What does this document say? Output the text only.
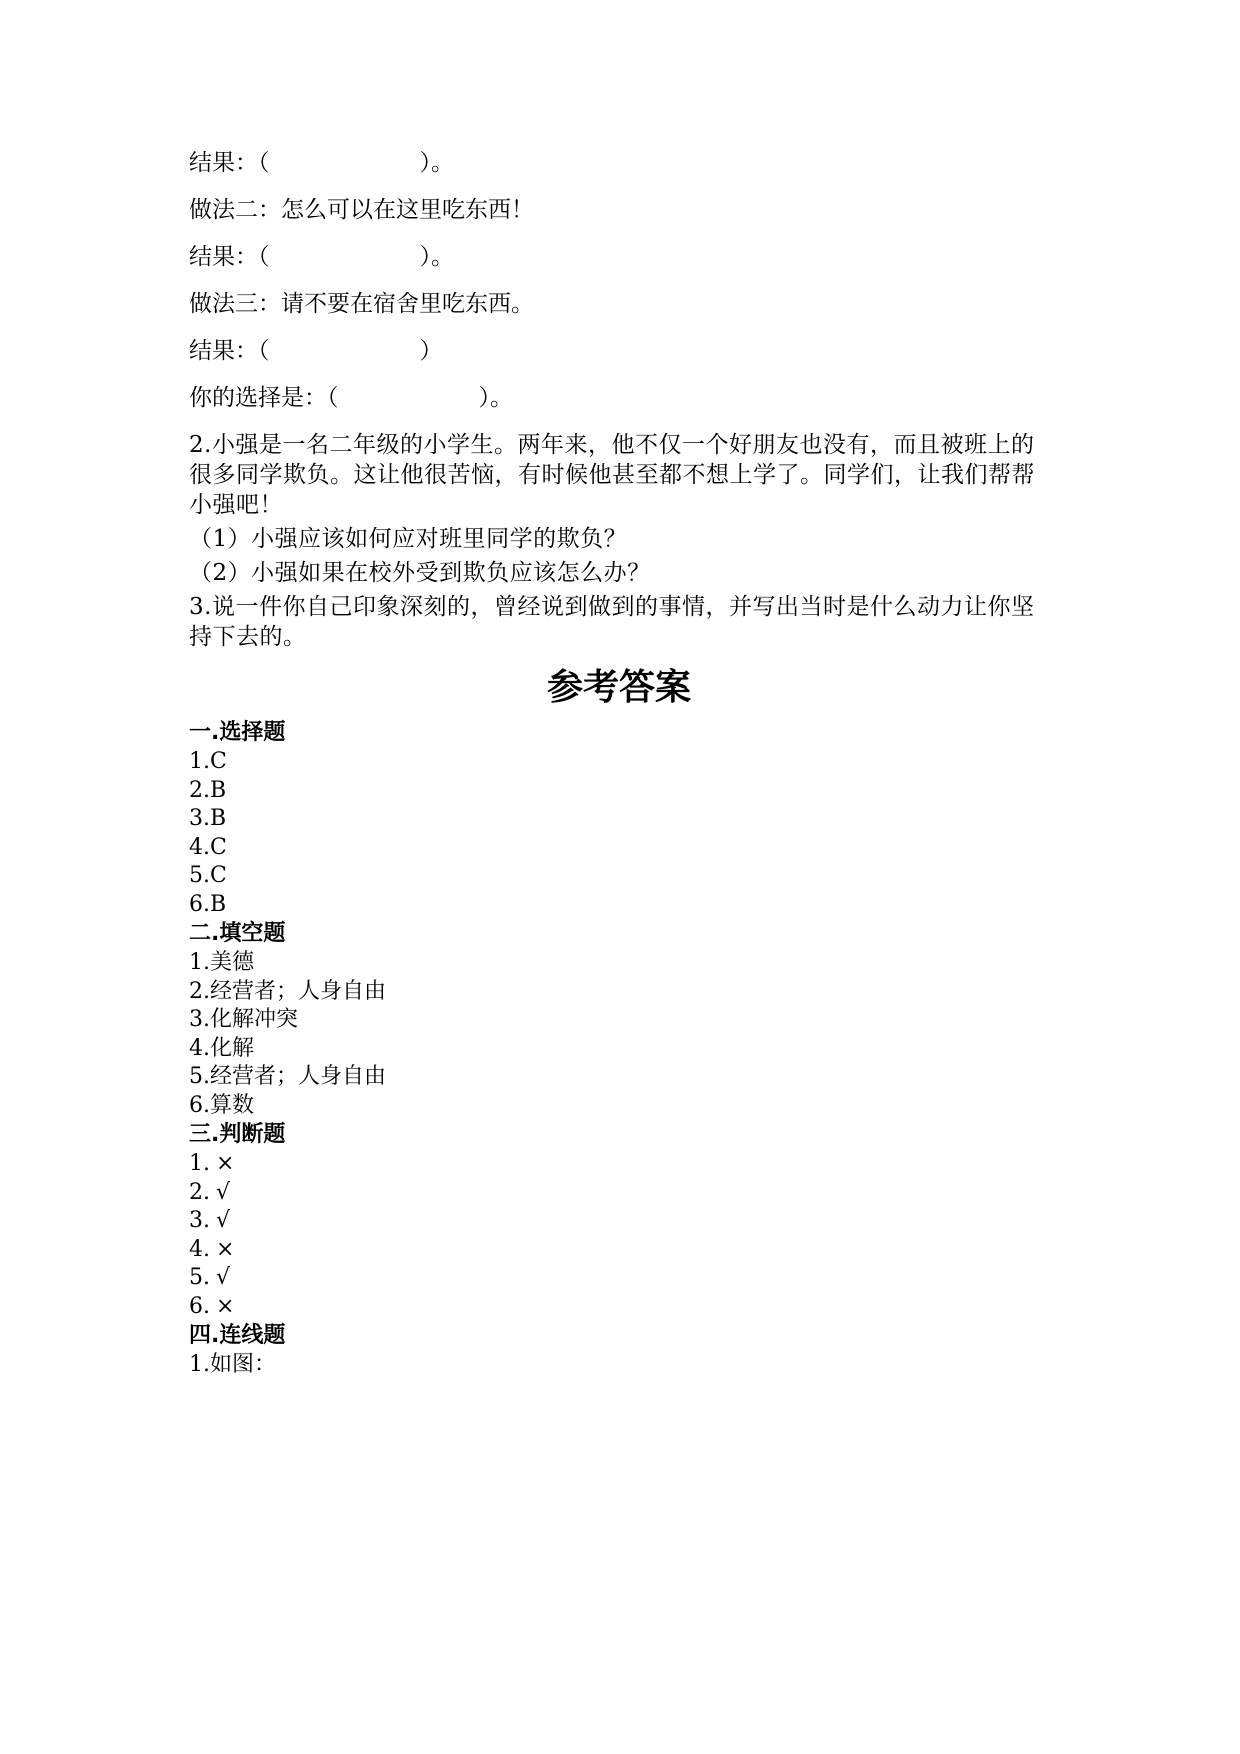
结果：（	）。
做法二：怎么可以在这里吃东西！
结果：（	）。
做法三：请不要在宿舍里吃东西。
结果：（	）
你的选择是：（	）。
2.小强是一名二年级的小学生。两年来，他不仅一个好朋友也没有，而且被班上的很多同学欺负。这让他很苦恼，有时候他甚至都不想上学了。同学们，让我们帮帮小强吧！
（1）小强应该如何应对班里同学的欺负？
（2）小强如果在校外受到欺负应该怎么办？
3.说一件你自己印象深刻的，曾经说到做到的事情，并写出当时是什么动力让你坚持下去的。
参考答案
一.选择题
1.C
2.B
3.B
4.C
5.C
6.B
二.填空题
1.美德
2.经营者；人身自由
3.化解冲突
4.化解
5.经营者；人身自由
6.算数
三.判断题
1. ×
2. √
3. √
4. ×
5. √
6. ×
四.连线题
1.如图：
